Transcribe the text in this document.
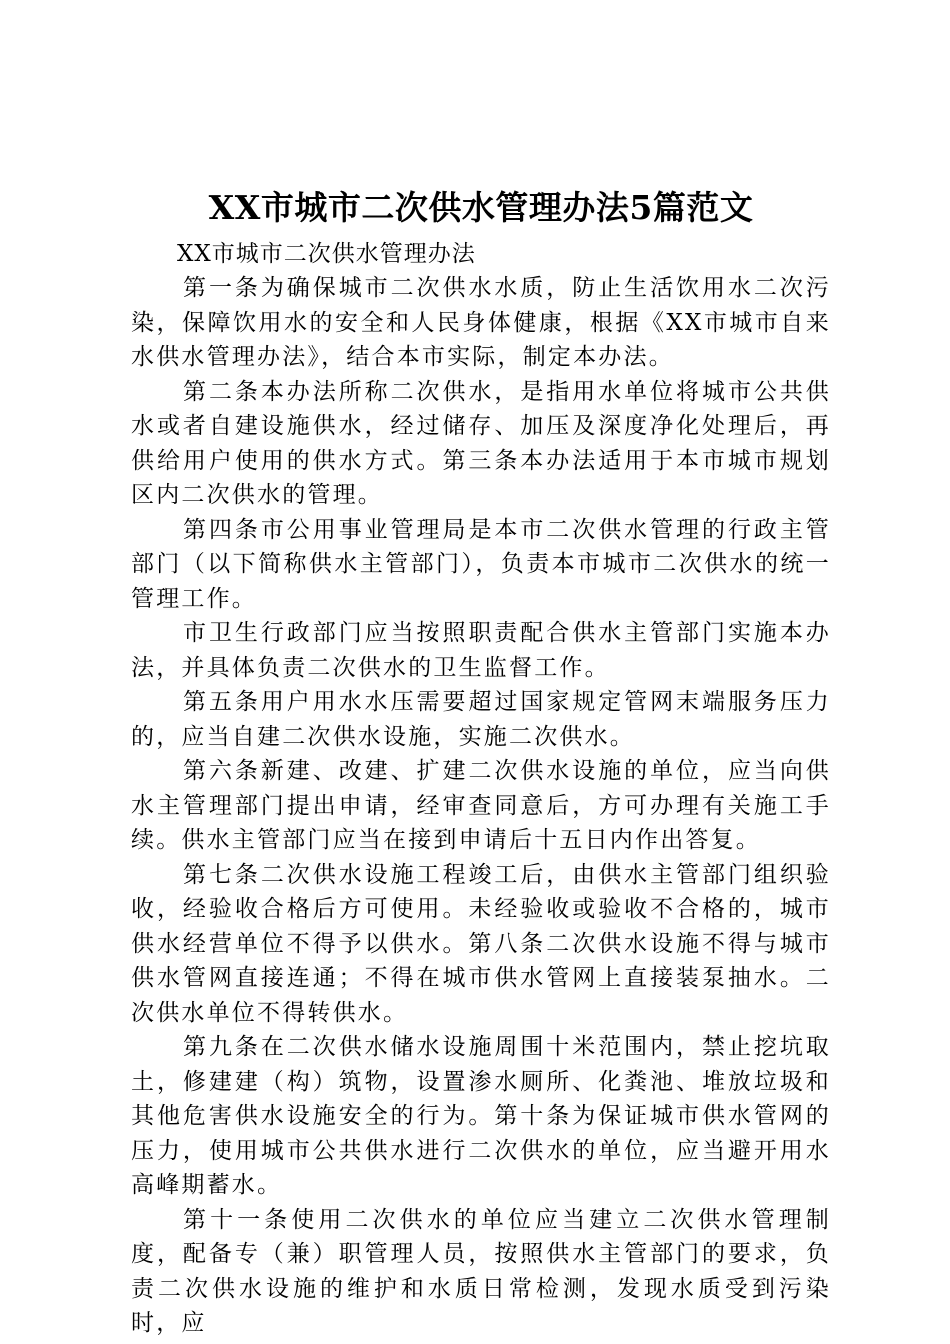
XX市城市二次供水管理办法5篇范文

XX市城市二次供水管理办法

第一条为确保城市二次供水水质，防止生活饮用水二次污染，保障饮用水的安全和人民身体健康，根据《XX市城市自来水供水管理办法》，结合本市实际，制定本办法。

第二条本办法所称二次供水，是指用水单位将城市公共供水或者自建设施供水，经过储存、加压及深度净化处理后，再供给用户使用的供水方式。第三条本办法适用于本市城市规划区内二次供水的管理。

第四条市公用事业管理局是本市二次供水管理的行政主管部门（以下简称供水主管部门），负责本市城市二次供水的统一管理工作。

市卫生行政部门应当按照职责配合供水主管部门实施本办法，并具体负责二次供水的卫生监督工作。

第五条用户用水水压需要超过国家规定管网末端服务压力的，应当自建二次供水设施，实施二次供水。

第六条新建、改建、扩建二次供水设施的单位，应当向供水主管理部门提出申请，经审查同意后，方可办理有关施工手续。供水主管部门应当在接到申请后十五日内作出答复。

第七条二次供水设施工程竣工后，由供水主管部门组织验收，经验收合格后方可使用。未经验收或验收不合格的，城市供水经营单位不得予以供水。第八条二次供水设施不得与城市供水管网直接连通；不得在城市供水管网上直接装泵抽水。二次供水单位不得转供水。

第九条在二次供水储水设施周围十米范围内，禁止挖坑取土，修建建（构）筑物，设置渗水厕所、化粪池、堆放垃圾和其他危害供水设施安全的行为。第十条为保证城市供水管网的压力，使用城市公共供水进行二次供水的单位，应当避开用水高峰期蓄水。

第十一条使用二次供水的单位应当建立二次供水管理制度，配备专（兼）职管理人员，按照供水主管部门的要求，负责二次供水设施的维护和水质日常检测，发现水质受到污染时，应
